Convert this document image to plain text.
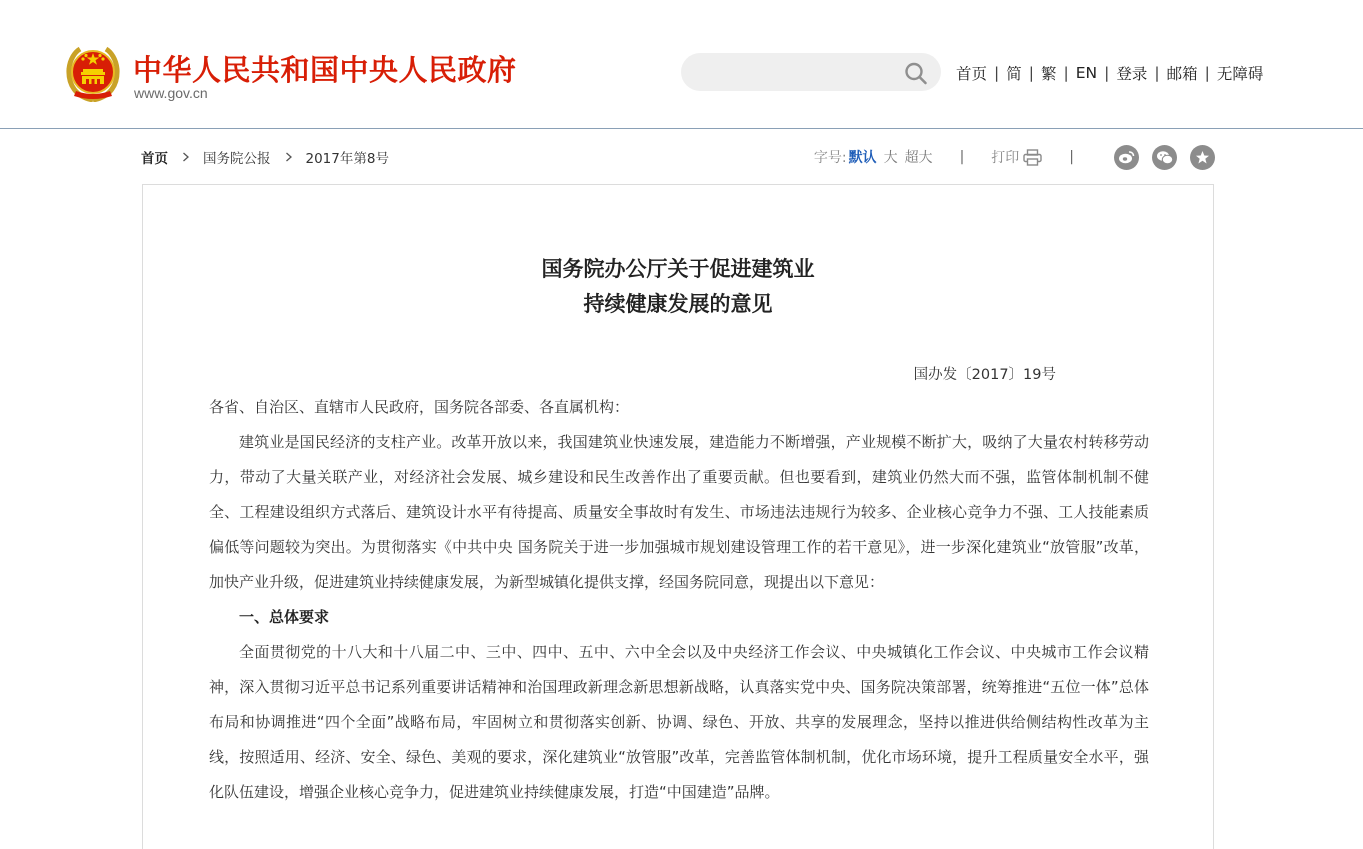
中华人民共和国中央人民政府
www.gov.cn
首页 | 简 | 繁 | EN | 登录 | 邮箱 | 无障碍
首页	国务院公报	2017年第8号	字号: 默认 大 超大 | 打印	|
国务院办公厅关于促进建筑业
持续健康发展的意见
国办发〔2017〕19号

各省、自治区、直辖市人民政府，国务院各部委、各直属机构：

建筑业是国民经济的支柱产业。改革开放以来，我国建筑业快速发展，建造能力不断增强，产业规模不断扩大，吸纳了大量农村转移劳动力，带动了大量关联产业，对经济社会发展、城乡建设和民生改善作出了重要贡献。但也要看到，建筑业仍然大而不强，监管体制机制不健全、工程建设组织方式落后、建筑设计水平有待提高、质量安全事故时有发生、市场违法违规行为较多、企业核心竞争力不强、工人技能素质偏低等问题较为突出。为贯彻落实《中共中央 国务院关于进一步加强城市规划建设管理工作的若干意见》，进一步深化建筑业“放管服”改革，加快产业升级，促进建筑业持续健康发展，为新型城镇化提供支撑，经国务院同意，现提出以下意见：

一、总体要求

全面贯彻党的十八大和十八届二中、三中、四中、五中、六中全会以及中央经济工作会议、中央城镇化工作会议、中央城市工作会议精神，深入贯彻习近平总书记系列重要讲话精神和治国理政新理念新思想新战略，认真落实党中央、国务院决策部署，统筹推进“五位一体”总体布局和协调推进“四个全面”战略布局，牢固树立和贯彻落实创新、协调、绿色、开放、共享的发展理念，坚持以推进供给侧结构性改革为主线，按照适用、经济、安全、绿色、美观的要求，深化建筑业“放管服”改革，完善监管体制机制，优化市场环境，提升工程质量安全水平，强化队伍建设，增强企业核心竞争力，促进建筑业持续健康发展，打造“中国建造”品牌。
